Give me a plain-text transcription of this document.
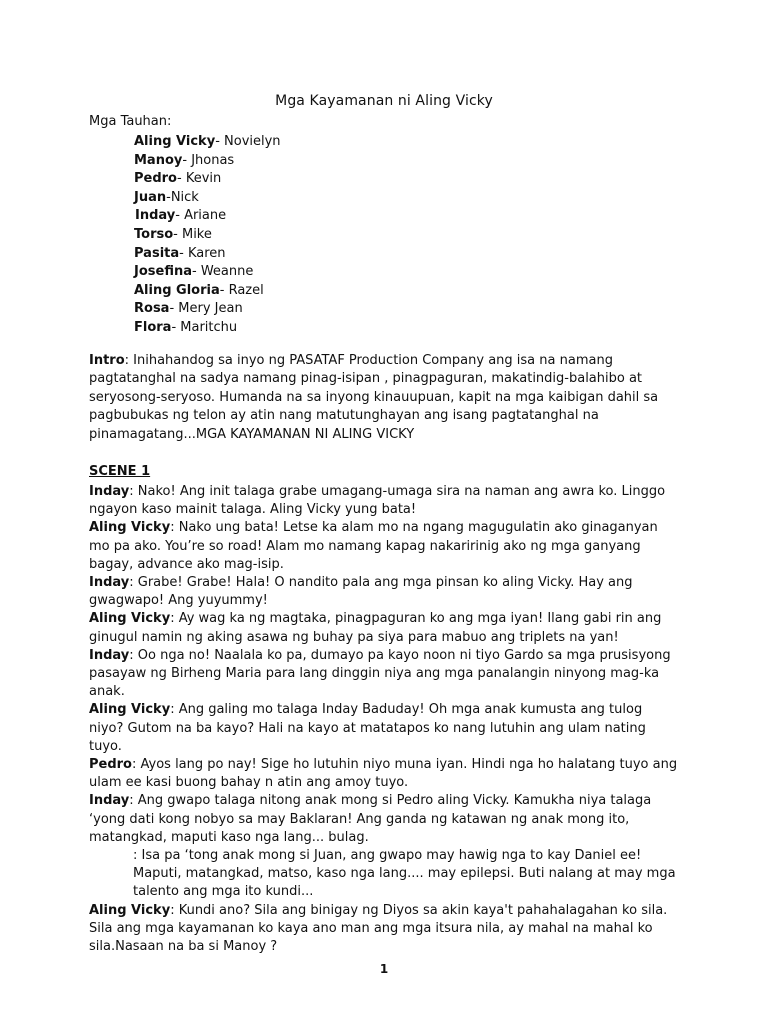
Mga Kayamanan ni Aling Vicky
Mga Tauhan:
Aling Vicky- Novielyn
Manoy- Jhonas
Pedro- Kevin
Juan-Nick
Inday- Ariane
Torso- Mike
Pasita- Karen
Josefina- Weanne
Aling Gloria- Razel
Rosa- Mery Jean
Flora- Maritchu
Intro: Inihahandog sa inyo ng PASATAF Production Company ang isa na namang pagtatanghal na sadya namang pinag-isipan , pinagpaguran, makatindig-balahibo at seryosong-seryoso. Humanda na sa inyong kinauupuan, kapit na mga kaibigan dahil sa pagbubukas ng telon ay atin nang matutunghayan ang isang pagtatanghal na pinamagatang...MGA KAYAMANAN NI ALING VICKY
SCENE 1

Inday: Nako! Ang init talaga grabe umagang-umaga sira na naman ang awra ko. Linggo ngayon kaso mainit talaga. Aling Vicky yung bata!

Aling Vicky: Nako ung bata! Letse ka alam mo na ngang magugulatin ako ginaganyan mo pa ako. You’re so road! Alam mo namang kapag nakaririnig ako ng mga ganyang bagay, advance ako mag-isip.

Inday: Grabe! Grabe! Hala! O nandito pala ang mga pinsan ko aling Vicky. Hay ang gwagwapo! Ang yuyummy!

Aling Vicky: Ay wag ka ng magtaka, pinagpaguran ko ang mga iyan! Ilang gabi rin ang ginugul namin ng aking asawa ng buhay pa siya para mabuo ang triplets na yan!

Inday: Oo nga no! Naalala ko pa, dumayo pa kayo noon ni tiyo Gardo sa mga prusisyong pasayaw ng Birheng Maria para lang dinggin niya ang mga panalangin ninyong mag-ka anak.

Aling Vicky: Ang galing mo talaga Inday Baduday! Oh mga anak kumusta ang tulog niyo? Gutom na ba kayo? Hali na kayo at matatapos ko nang lutuhin ang ulam nating tuyo.

Pedro: Ayos lang po nay! Sige ho lutuhin niyo muna iyan. Hindi nga ho halatang tuyo ang ulam ee kasi buong bahay n atin ang amoy tuyo.

Inday: Ang gwapo talaga nitong anak mong si Pedro aling Vicky. Kamukha niya talaga ‘yong dati kong nobyo sa may Baklaran! Ang ganda ng katawan ng anak mong ito, matangkad, maputi kaso nga lang... bulag.

: Isa pa ‘tong anak mong si Juan, ang gwapo may hawig nga to kay Daniel ee! Maputi, matangkad, matso, kaso nga lang.... may epilepsi. Buti nalang at may mga talento ang mga ito kundi...

Aling Vicky: Kundi ano? Sila ang binigay ng Diyos sa akin kaya't pahahalagahan ko sila. Sila ang mga kayamanan ko kaya ano man ang mga itsura nila, ay mahal na mahal ko sila.Nasaan na ba si Manoy ?

1
